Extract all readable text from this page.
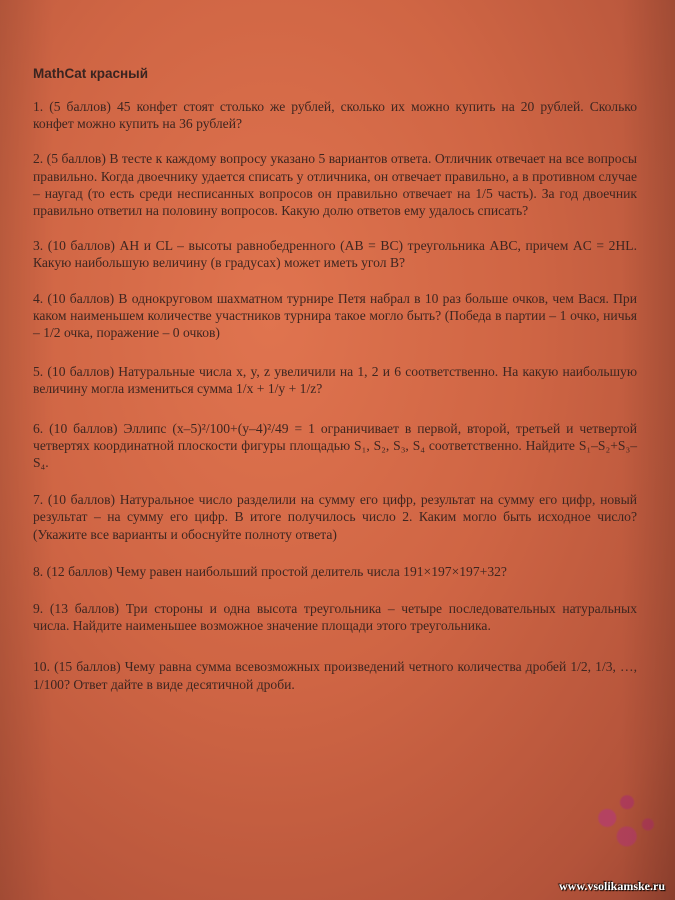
MathCat красный

1. (5 баллов) 45 конфет стоят столько же рублей, сколько их можно купить на 20 рублей. Сколько конфет можно купить на 36 рублей?

2. (5 баллов) В тесте к каждому вопросу указано 5 вариантов ответа. Отличник отвечает на все вопросы правильно. Когда двоечнику удается списать у отличника, он отвечает правильно, а в противном случае – наугад (то есть среди несписанных вопросов он правильно отвечает на 1/5 часть). За год двоечник правильно ответил на половину вопросов. Какую долю ответов ему удалось списать?

3. (10 баллов) AH и CL – высоты равнобедренного (AB = BC) треугольника ABC, причем AC = 2HL. Какую наибольшую величину (в градусах) может иметь угол B?

4. (10 баллов) В однокруговом шахматном турнире Петя набрал в 10 раз больше очков, чем Вася. При каком наименьшем количестве участников турнира такое могло быть? (Победа в партии – 1 очко, ничья – 1/2 очка, поражение – 0 очков)

5. (10 баллов) Натуральные числа x, y, z увеличили на 1, 2 и 6 соответственно. На какую наибольшую величину могла измениться сумма 1/x + 1/y + 1/z?

6. (10 баллов) Эллипс (x–5)²/100+(y–4)²/49 = 1 ограничивает в первой, второй, третьей и четвертой четвертях координатной плоскости фигуры площадью S₁, S₂, S₃, S₄ соответственно. Найдите S₁–S₂+S₃–S₄.

7. (10 баллов) Натуральное число разделили на сумму его цифр, результат на сумму его цифр, новый результат – на сумму его цифр. В итоге получилось число 2. Каким могло быть исходное число? (Укажите все варианты и обоснуйте полноту ответа)

8. (12 баллов) Чему равен наибольший простой делитель числа 191×197×197+32?

9. (13 баллов) Три стороны и одна высота треугольника – четыре последовательных натуральных числа. Найдите наименьшее возможное значение площади этого треугольника.

10. (15 баллов) Чему равна сумма всевозможных произведений четного количества дробей 1/2, 1/3, …, 1/100? Ответ дайте в виде десятичной дроби.

www.vsolikamske.ru
